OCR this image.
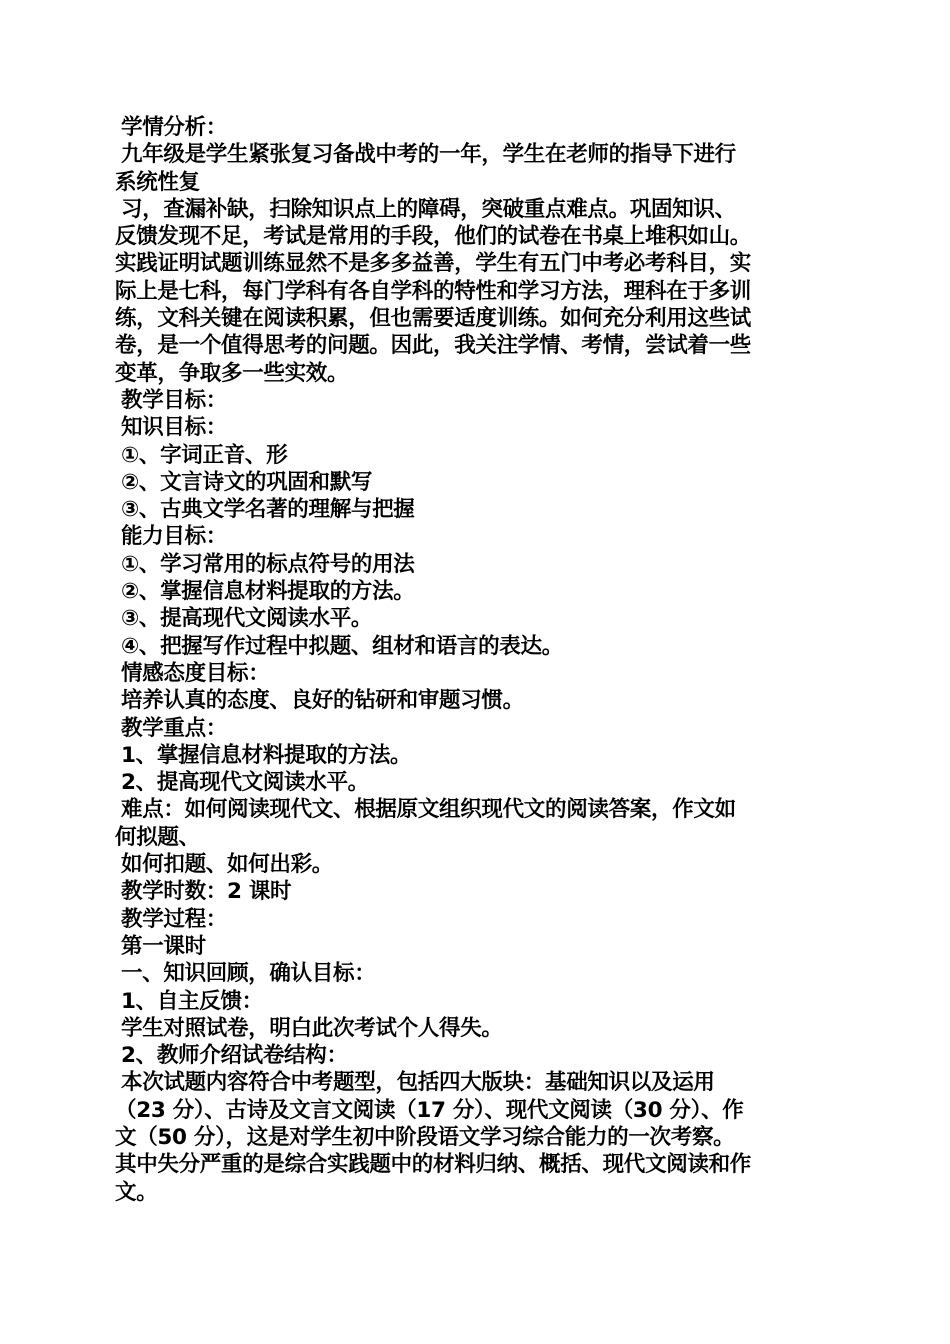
学情分析：

九年级是学生紧张复习备战中考的一年，学生在老师的指导下进行

系统性复

习，查漏补缺，扫除知识点上的障碍，突破重点难点。巩固知识、

反馈发现不足，考试是常用的手段，他们的试卷在书桌上堆积如山。

实践证明试题训练显然不是多多益善，学生有五门中考必考科目，实

际上是七科，每门学科有各自学科的特性和学习方法，理科在于多训

练，文科关键在阅读积累，但也需要适度训练。如何充分利用这些试

卷，是一个值得思考的问题。因此，我关注学情、考情，尝试着一些

变革，争取多一些实效。

教学目标：

知识目标：

①、字词正音、形

②、文言诗文的巩固和默写

③、古典文学名著的理解与把握

能力目标：

①、学习常用的标点符号的用法

②、掌握信息材料提取的方法。

③、提高现代文阅读水平。

④、把握写作过程中拟题、组材和语言的表达。

情感态度目标：

培养认真的态度、良好的钻研和审题习惯。

教学重点：

1、掌握信息材料提取的方法。

2、提高现代文阅读水平。

难点：如何阅读现代文、根据原文组织现代文的阅读答案，作文如

何拟题、

如何扣题、如何出彩。

教学时数：2 课时

教学过程：

第一课时

一、知识回顾，确认目标：

1、自主反馈：

学生对照试卷，明白此次考试个人得失。

2、教师介绍试卷结构：

本次试题内容符合中考题型，包括四大版块：基础知识以及运用

（23 分）、古诗及文言文阅读（17 分）、现代文阅读（30 分）、作

文（50 分），这是对学生初中阶段语文学习综合能力的一次考察。

其中失分严重的是综合实践题中的材料归纳、概括、现代文阅读和作

文。
